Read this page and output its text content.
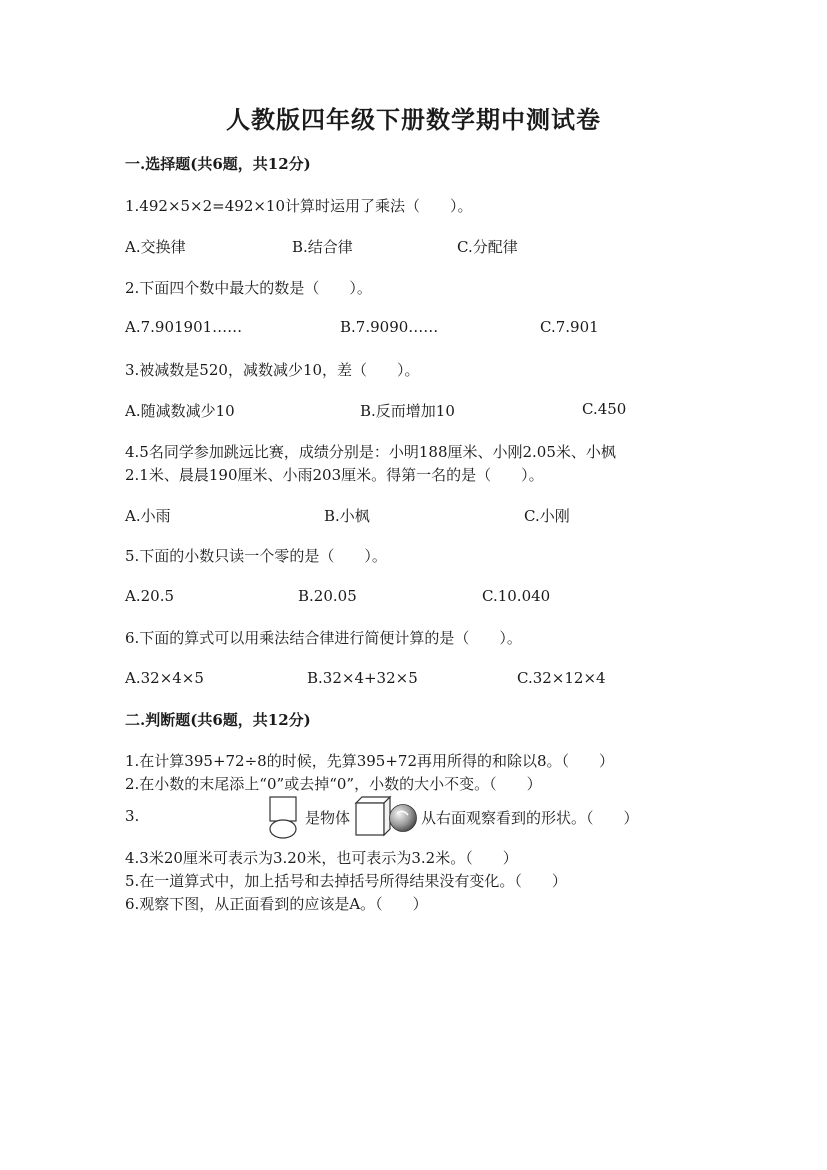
人教版四年级下册数学期中测试卷
一.选择题(共6题，共12分)
1.492×5×2=492×10计算时运用了乘法（　　）。
A.交换律	B.结合律	C.分配律
2.下面四个数中最大的数是（　　）。
A.7.901901……	B.7.9090……	C.7.901
3.被减数是520，减数减少10，差（　　）。
A.随减数减少10	B.反而增加10	C.450
4.5名同学参加跳远比赛，成绩分别是：小明188厘米、小刚2.05米、小枫
2.1米、晨晨190厘米、小雨203厘米。得第一名的是（　　）。
A.小雨	B.小枫	C.小刚
5.下面的小数只读一个零的是（　　）。
A.20.5	B.20.05	C.10.040
6.下面的算式可以用乘法结合律进行简便计算的是（　　）。
A.32×4×5	B.32×4+32×5	C.32×12×4
二.判断题(共6题，共12分)
1.在计算395+72÷8的时候，先算395+72再用所得的和除以8。（　　）
2.在小数的末尾添上“0”或去掉“0”，小数的大小不变。（　　）
3.	是物体	从右面观察看到的形状。（　　）
4.3米20厘米可表示为3.20米，也可表示为3.2米。（　　）
5.在一道算式中，加上括号和去掉括号所得结果没有变化。（　　）
6.观察下图，从正面看到的应该是A。（　　）
